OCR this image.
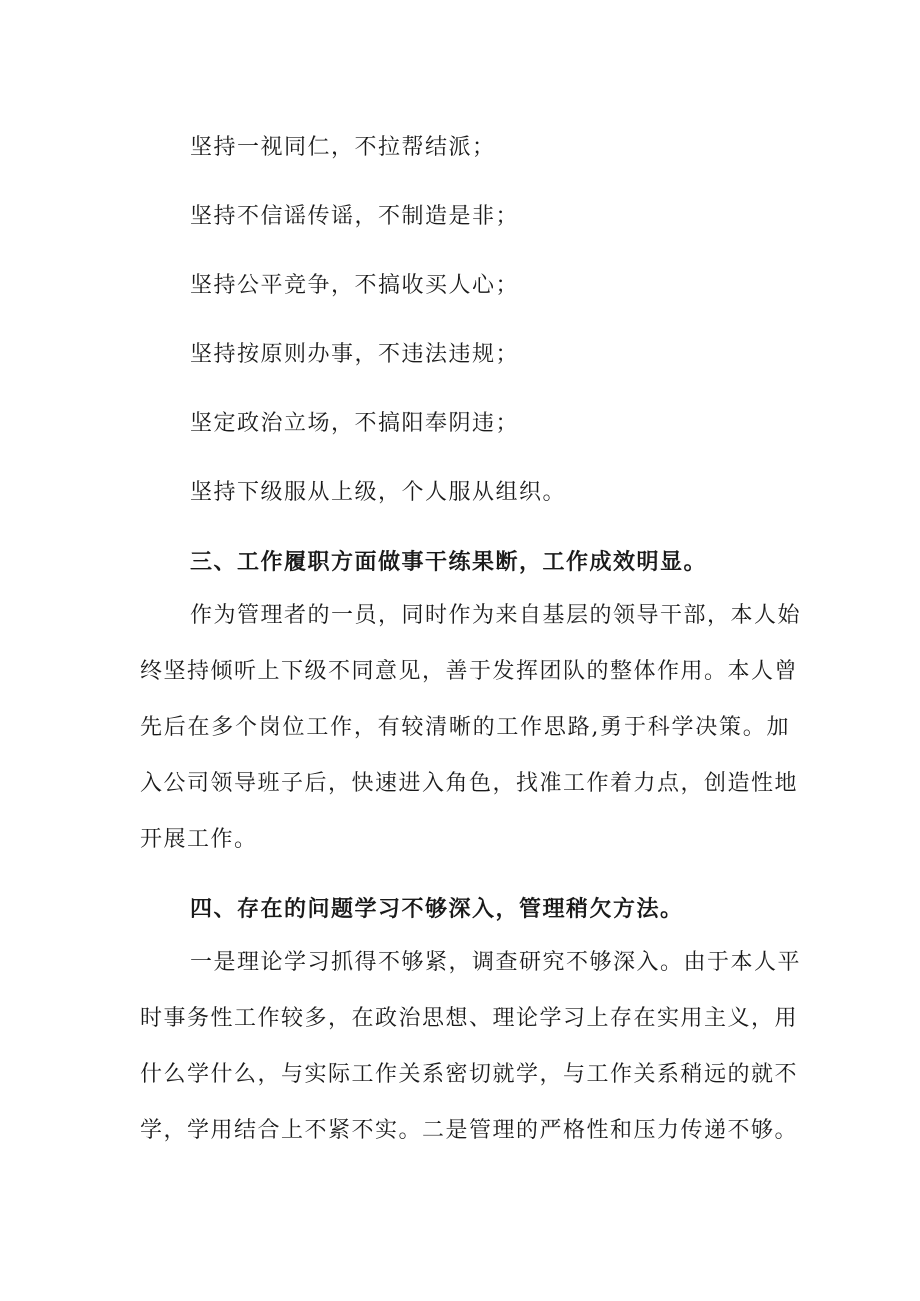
坚持一视同仁，不拉帮结派；
坚持不信谣传谣，不制造是非；
坚持公平竞争，不搞收买人心；
坚持按原则办事，不违法违规；
坚定政治立场，不搞阳奉阴违；
坚持下级服从上级，个人服从组织。
三、工作履职方面做事干练果断，工作成效明显。
作为管理者的一员，同时作为来自基层的领导干部，本人始
终坚持倾听上下级不同意见，善于发挥团队的整体作用。本人曾
先后在多个岗位工作，有较清晰的工作思路,勇于科学决策。加
入公司领导班子后，快速进入角色，找准工作着力点，创造性地
开展工作。
四、存在的问题学习不够深入，管理稍欠方法。
一是理论学习抓得不够紧，调查研究不够深入。由于本人平
时事务性工作较多，在政治思想、理论学习上存在实用主义，用
什么学什么，与实际工作关系密切就学，与工作关系稍远的就不
学，学用结合上不紧不实。二是管理的严格性和压力传递不够。
